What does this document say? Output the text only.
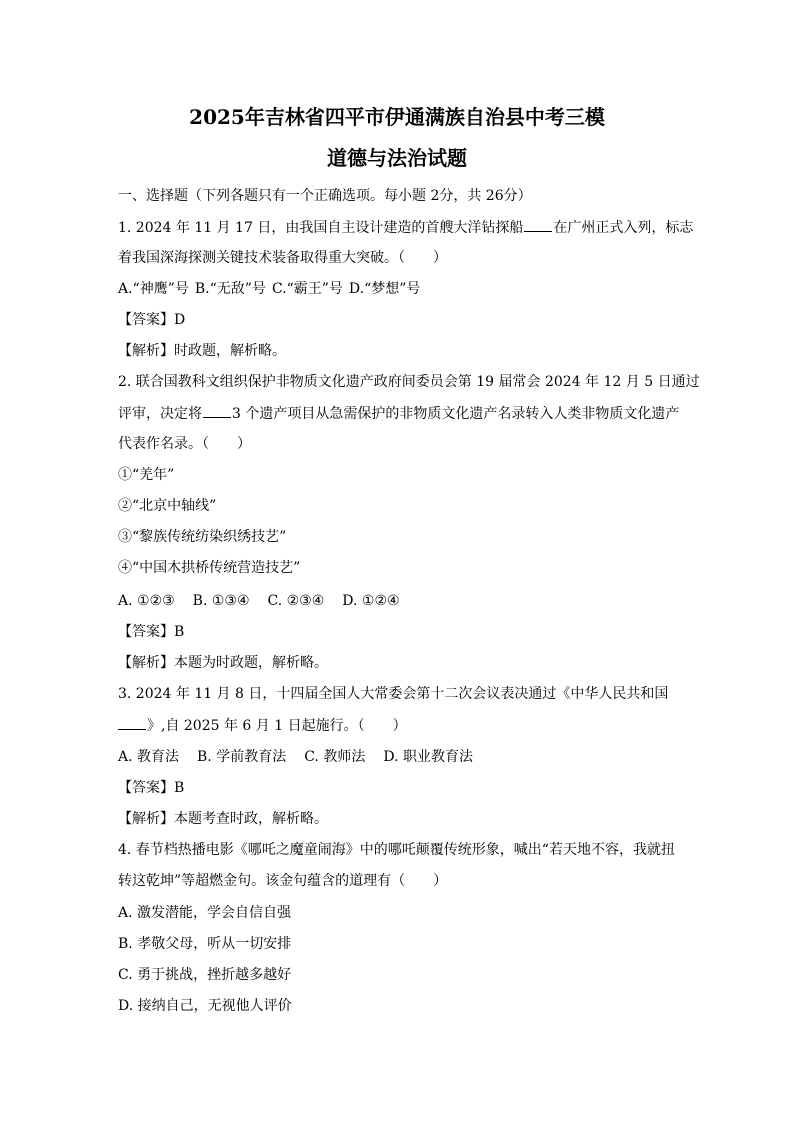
2025年吉林省四平市伊通满族自治县中考三模
道德与法治试题
一、选择题（下列各题只有一个正确选项。每小题 2分，共 26分）
1. 2024 年 11 月 17 日，由我国自主设计建造的首艘大洋钻探船 在广州正式入列，标志
着我国深海探测关键技术装备取得重大突破。（　　）
A.“神鹰”号 B.“无敌”号 C.“霸王”号 D.“梦想”号
【答案】D
【解析】时政题，解析略。
2. 联合国教科文组织保护非物质文化遗产政府间委员会第 19 届常会 2024 年 12 月 5 日通过
评审，决定将 3 个遗产项目从急需保护的非物质文化遗产名录转入人类非物质文化遗产
代表作名录。（　　）
①“羌年”
②“北京中轴线”
③“黎族传统纺染织绣技艺”
④“中国木拱桥传统营造技艺”
A. ①②③ B. ①③④ C. ②③④ D. ①②④
【答案】B
【解析】本题为时政题，解析略。
3. 2024 年 11 月 8 日，十四届全国人大常委会第十二次会议表决通过《中华人民共和国
》,自 2025 年 6 月 1 日起施行。（　　）
A. 教育法 B. 学前教育法 C. 教师法 D. 职业教育法
【答案】B
【解析】本题考查时政，解析略。
4. 春节档热播电影《哪吒之魔童闹海》中的哪吒颠覆传统形象，喊出“若天地不容，我就扭
转这乾坤”等超燃金句。该金句蕴含的道理有（　　）
A. 激发潜能，学会自信自强
B. 孝敬父母，听从一切安排
C. 勇于挑战，挫折越多越好
D. 接纳自己，无视他人评价
